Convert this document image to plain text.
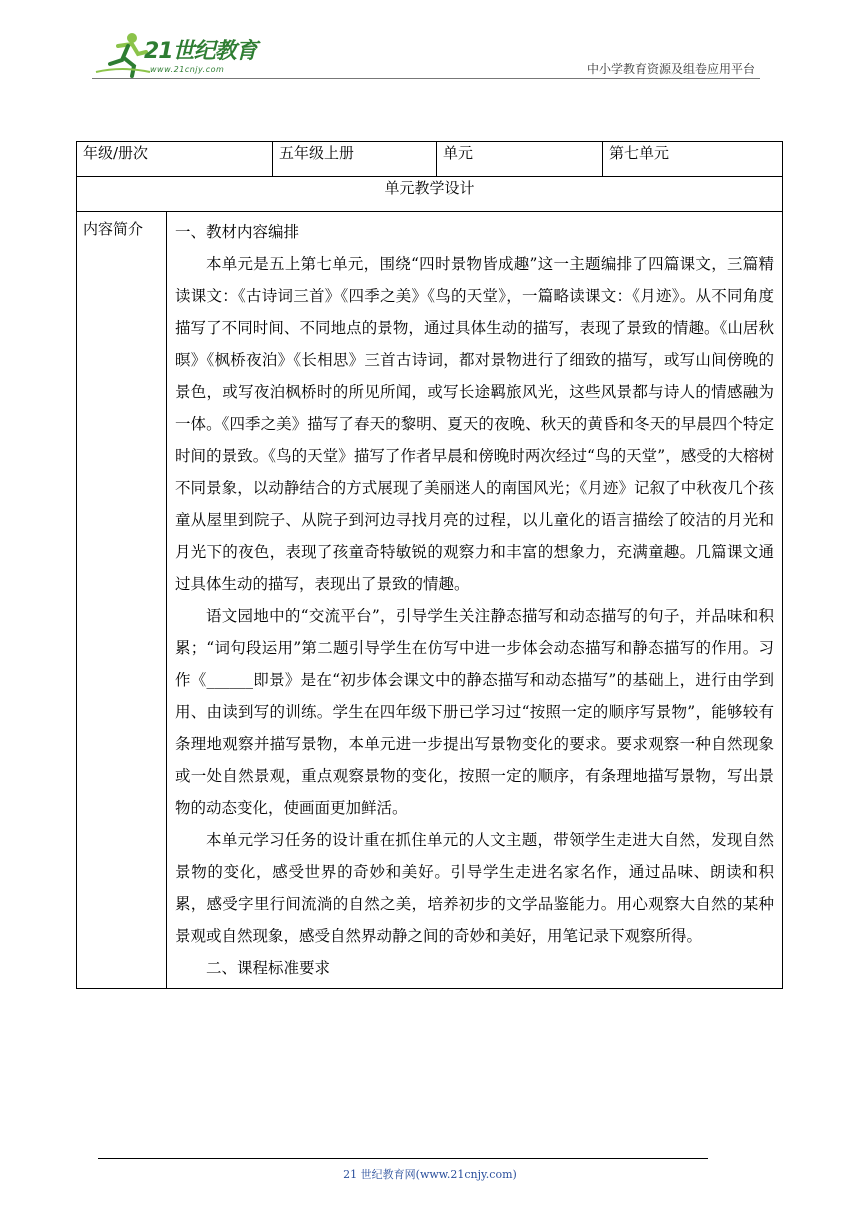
21世纪教育
www.21cnjy.com	中小学教育资源及组卷应用平台
年级/册次		五年级上册	单元	第七单元
单元教学设计				
内容简介	一、教材内容编排

本单元是五上第七单元，围绕“四时景物皆成趣”这一主题编排了四篇课文，三篇精读课文：《古诗词三首》《四季之美》《鸟的天堂》，一篇略读课文：《月迹》。从不同角度描写了不同时间、不同地点的景物，通过具体生动的描写，表现了景致的情趣。《山居秋暝》《枫桥夜泊》《长相思》三首古诗词，都对景物进行了细致的描写，或写山间傍晚的景色，或写夜泊枫桥时的所见所闻，或写长途羁旅风光，这些风景都与诗人的情感融为一体。《四季之美》描写了春天的黎明、夏天的夜晚、秋天的黄昏和冬天的早晨四个特定时间的景致。《鸟的天堂》描写了作者早晨和傍晚时两次经过“鸟的天堂”，感受的大榕树不同景象，以动静结合的方式展现了美丽迷人的南国风光；《月迹》记叙了中秋夜几个孩童从屋里到院子、从院子到河边寻找月亮的过程，以儿童化的语言描绘了皎洁的月光和月光下的夜色，表现了孩童奇特敏锐的观察力和丰富的想象力，充满童趣。几篇课文通过具体生动的描写，表现出了景致的情趣。

语文园地中的“交流平台”，引导学生关注静态描写和动态描写的句子，并品味和积累；“词句段运用”第二题引导学生在仿写中进一步体会动态描写和静态描写的作用。习作《______即景》是在“初步体会课文中的静态描写和动态描写”的基础上，进行由学到用、由读到写的训练。学生在四年级下册已学习过“按照一定的顺序写景物”，能够较有条理地观察并描写景物，本单元进一步提出写景物变化的要求。要求观察一种自然现象或一处自然景观，重点观察景物的变化，按照一定的顺序，有条理地描写景物，写出景物的动态变化，使画面更加鲜活。

本单元学习任务的设计重在抓住单元的人文主题，带领学生走进大自然，发现自然景物的变化，感受世界的奇妙和美好。引导学生走进名家名作，通过品味、朗读和积累，感受字里行间流淌的自然之美，培养初步的文学品鉴能力。用心观察大自然的某种景观或自然现象，感受自然界动静之间的奇妙和美好，用笔记录下观察所得。

二、课程标准要求			

21 世纪教育网(www.21cnjy.com)
